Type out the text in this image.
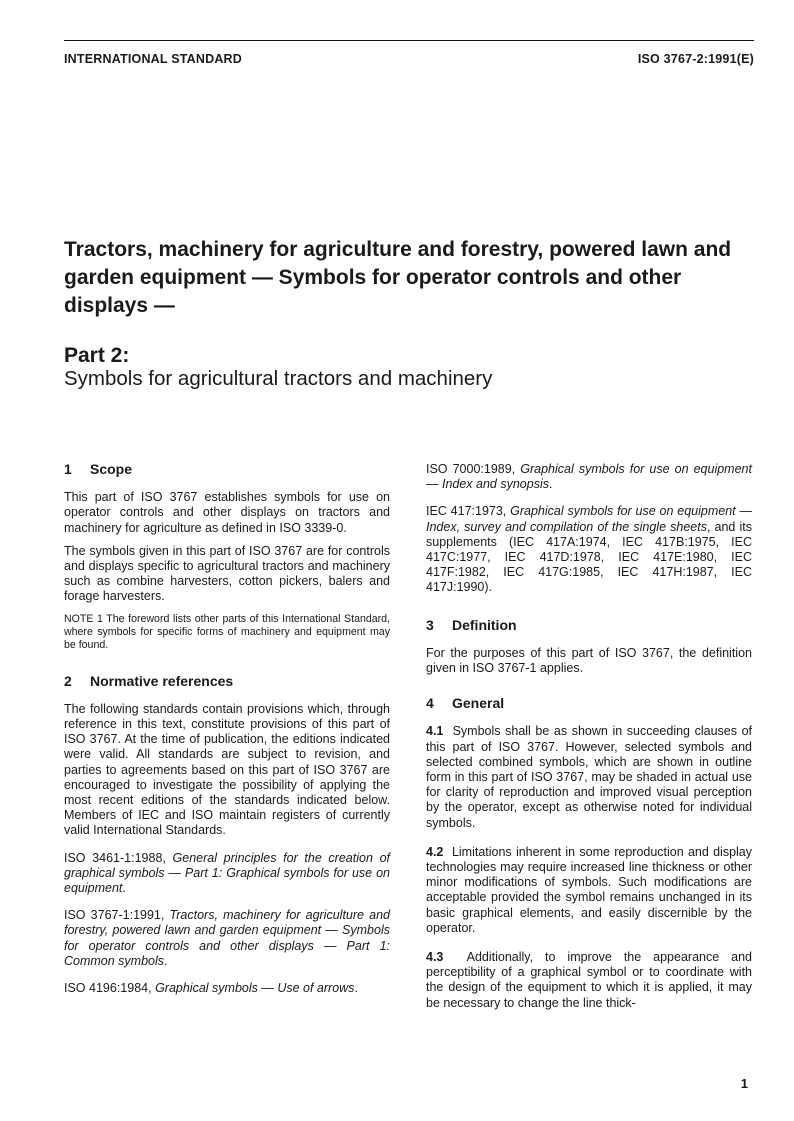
INTERNATIONAL STANDARD	ISO 3767-2:1991(E)
Tractors, machinery for agriculture and forestry, powered lawn and garden equipment — Symbols for operator controls and other displays —
Part 2:
Symbols for agricultural tractors and machinery
1 Scope

This part of ISO 3767 establishes symbols for use on operator controls and other displays on tractors and machinery for agriculture as defined in ISO 3339-0.

The symbols given in this part of ISO 3767 are for controls and displays specific to agricultural tractors and machinery such as combine harvesters, cotton pickers, balers and forage harvesters.

NOTE 1 The foreword lists other parts of this International Standard, where symbols for specific forms of machinery and equipment may be found.

2 Normative references

The following standards contain provisions which, through reference in this text, constitute provisions of this part of ISO 3767. At the time of publication, the editions indicated were valid. All standards are subject to revision, and parties to agreements based on this part of ISO 3767 are encouraged to investigate the possibility of applying the most recent editions of the standards indicated below. Members of IEC and ISO maintain registers of currently valid International Standards.

ISO 3461-1:1988, General principles for the creation of graphical symbols — Part 1: Graphical symbols for use on equipment.

ISO 3767-1:1991, Tractors, machinery for agriculture and forestry, powered lawn and garden equipment — Symbols for operator controls and other displays — Part 1: Common symbols.

ISO 4196:1984, Graphical symbols — Use of arrows.

ISO 7000:1989, Graphical symbols for use on equipment — Index and synopsis.

IEC 417:1973, Graphical symbols for use on equipment — Index, survey and compilation of the single sheets, and its supplements (IEC 417A:1974, IEC 417B:1975, IEC 417C:1977, IEC 417D:1978, IEC 417E:1980, IEC 417F:1982, IEC 417G:1985, IEC 417H:1987, IEC 417J:1990).

3 Definition

For the purposes of this part of ISO 3767, the definition given in ISO 3767-1 applies.

4 General

4.1 Symbols shall be as shown in succeeding clauses of this part of ISO 3767. However, selected symbols and selected combined symbols, which are shown in outline form in this part of ISO 3767, may be shaded in actual use for clarity of reproduction and improved visual perception by the operator, except as otherwise noted for individual symbols.

4.2 Limitations inherent in some reproduction and display technologies may require increased line thickness or other minor modifications of symbols. Such modifications are acceptable provided the symbol remains unchanged in its basic graphical elements, and easily discernible by the operator.

4.3 Additionally, to improve the appearance and perceptibility of a graphical symbol or to coordinate with the design of the equipment to which it is applied, it may be necessary to change the line thick-

1
